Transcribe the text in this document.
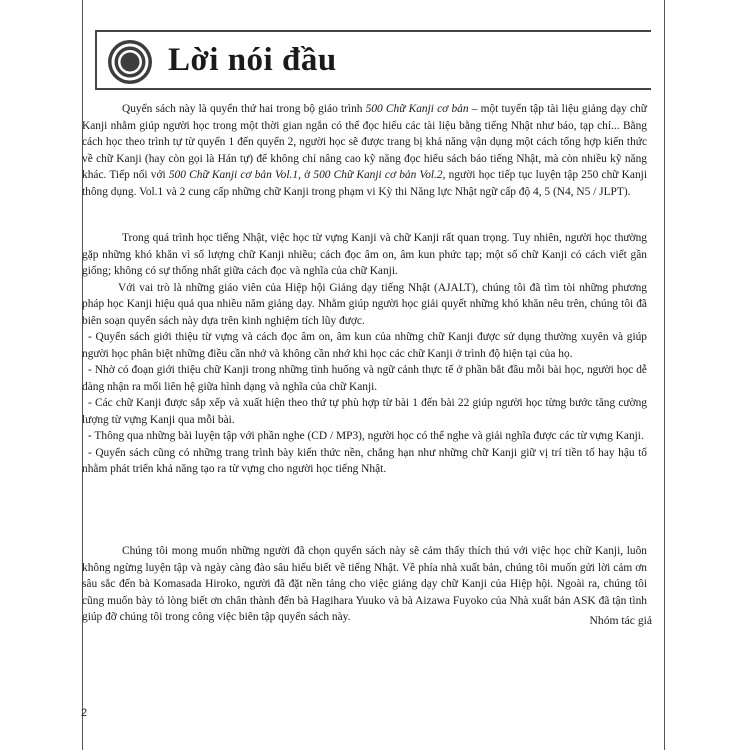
Lời nói đầu

Quyển sách này là quyển thứ hai trong bộ giáo trình 500 Chữ Kanji cơ bản – một tuyển tập tài liệu giảng dạy chữ Kanji nhằm giúp người học trong một thời gian ngắn có thể đọc hiểu các tài liệu bằng tiếng Nhật như báo, tạp chí... Bằng cách học theo trình tự từ quyển 1 đến quyển 2, người học sẽ được trang bị khả năng vận dụng một cách tổng hợp kiến thức về chữ Kanji (hay còn gọi là Hán tự) để không chỉ nâng cao kỹ năng đọc hiểu sách báo tiếng Nhật, mà còn nhiều kỹ năng khác. Tiếp nối với 500 Chữ Kanji cơ bản Vol.1, ở 500 Chữ Kanji cơ bản Vol.2, người học tiếp tục luyện tập 250 chữ Kanji thông dụng. Vol.1 và 2 cung cấp những chữ Kanji trong phạm vi Kỳ thi Năng lực Nhật ngữ cấp độ 4, 5 (N4, N5 / JLPT).

Trong quá trình học tiếng Nhật, việc học từ vựng Kanji và chữ Kanji rất quan trọng. Tuy nhiên, người học thường gặp những khó khăn vì số lượng chữ Kanji nhiều; cách đọc âm on, âm kun phức tạp; một số chữ Kanji có cách viết gần giống; không có sự thống nhất giữa cách đọc và nghĩa của chữ Kanji.

Với vai trò là những giáo viên của Hiệp hội Giảng dạy tiếng Nhật (AJALT), chúng tôi đã tìm tòi những phương pháp học Kanji hiệu quả qua nhiều năm giảng dạy. Nhằm giúp người học giải quyết những khó khăn nêu trên, chúng tôi đã biên soạn quyển sách này dựa trên kinh nghiệm tích lũy được.

- Quyển sách giới thiệu từ vựng và cách đọc âm on, âm kun của những chữ Kanji được sử dụng thường xuyên và giúp người học phân biệt những điều cần nhớ và không cần nhớ khi học các chữ Kanji ở trình độ hiện tại của họ.

- Nhờ có đoạn giới thiệu chữ Kanji trong những tình huống và ngữ cảnh thực tế ở phần bắt đầu mỗi bài học, người học dễ dàng nhận ra mối liên hệ giữa hình dạng và nghĩa của chữ Kanji.

- Các chữ Kanji được sắp xếp và xuất hiện theo thứ tự phù hợp từ bài 1 đến bài 22 giúp người học từng bước tăng cường lượng từ vựng Kanji qua mỗi bài.

- Thông qua những bài luyện tập với phần nghe (CD / MP3), người học có thể nghe và giải nghĩa được các từ vựng Kanji.

- Quyển sách cũng có những trang trình bày kiến thức nền, chẳng hạn như những chữ Kanji giữ vị trí tiền tố hay hậu tố nhằm phát triển khả năng tạo ra từ vựng cho người học tiếng Nhật.

Chúng tôi mong muốn những người đã chọn quyển sách này sẽ cảm thấy thích thú với việc học chữ Kanji, luôn không ngừng luyện tập và ngày càng đào sâu hiểu biết về tiếng Nhật. Về phía nhà xuất bản, chúng tôi muốn gửi lời cảm ơn sâu sắc đến bà Komasada Hiroko, người đã đặt nền tảng cho việc giảng dạy chữ Kanji của Hiệp hội. Ngoài ra, chúng tôi cũng muốn bày tỏ lòng biết ơn chân thành đến bà Hagihara Yuuko và bà Aizawa Fuyoko của Nhà xuất bản ASK đã tận tình giúp đỡ chúng tôi trong công việc biên tập quyển sách này.	Nhóm tác giả
2
